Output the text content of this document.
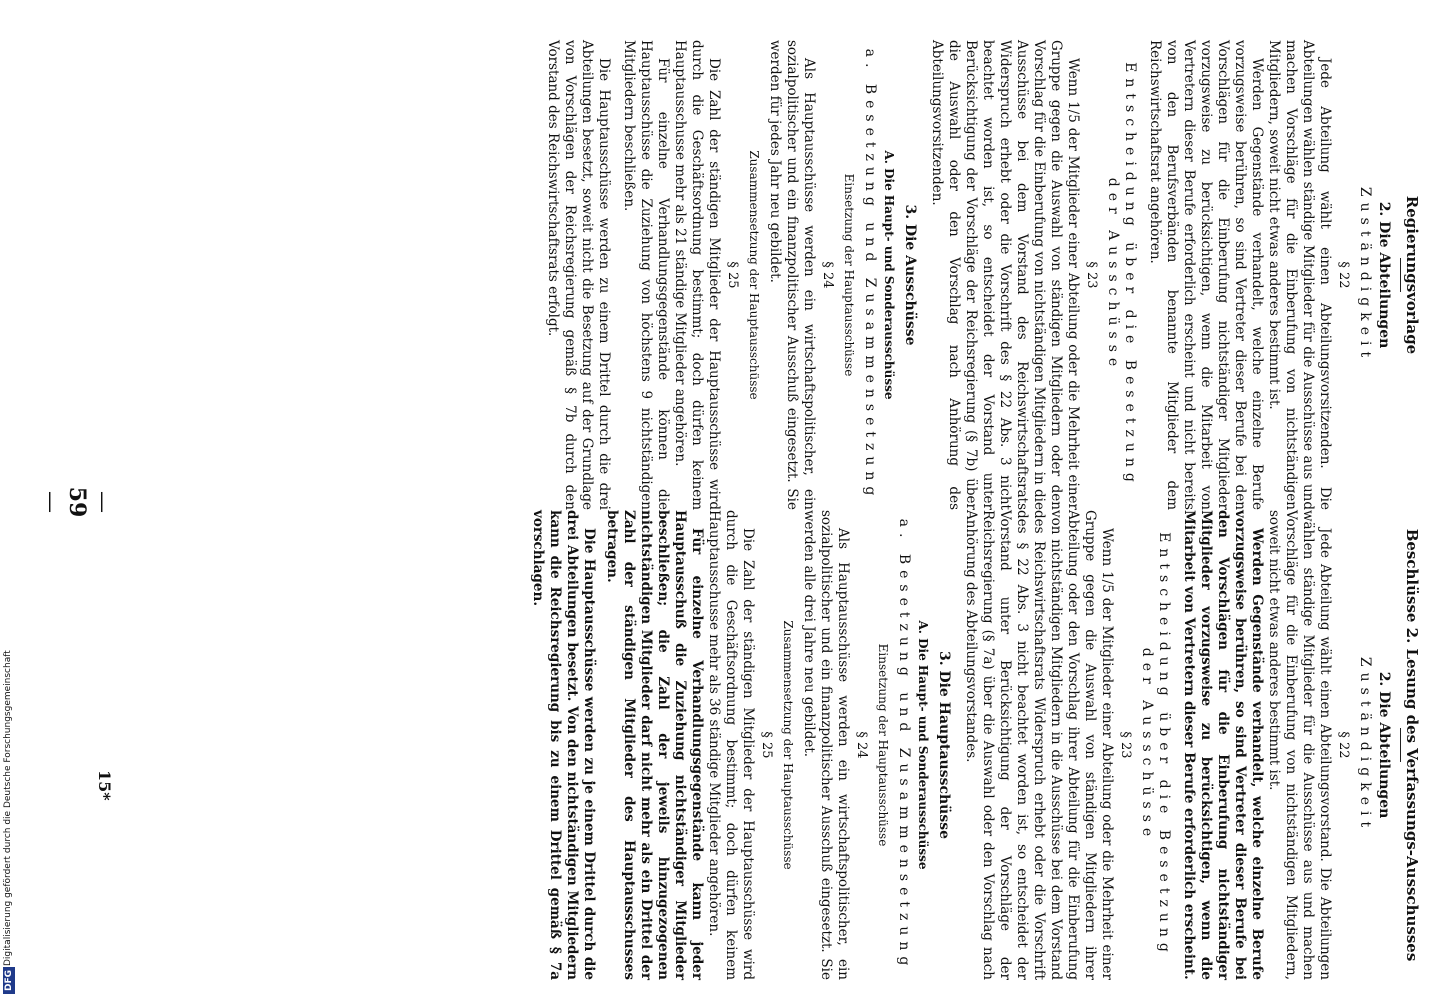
DFG
Digitalisierung gefördert durch die Deutsche Forschungsgemeinschaft
—59—
15*
Regierungsvorlage
2. Die Abteilungen
Zuständigkeit
§ 22

Jede Abteilung wählt einen Abteilungsvorsitzenden. Die Abteilungen wählen ständige Mitglieder für die Ausschüsse aus und machen Vorschläge für die Einberufung von nichtständigen Mitgliedern, soweit nicht etwas anderes bestimmt ist.

Werden Gegenstände verhandelt, welche einzelne Berufe vorzugsweise berühren, so sind Vertreter dieser Berufe bei den Vorschlägen für die Einberufung nichtständiger Mitglieder vorzugsweise zu berücksichtigen, wenn die Mitarbeit von Vertretern dieser Berufe erforderlich erscheint und nicht bereits von den Berufsverbänden benannte Mitglieder dem Reichswirtschaftsrat angehören.

Entscheidung über die Besetzung der Ausschüsse
§ 23

Wenn 1/5 der Mitglieder einer Abteilung oder die Mehrheit einer Gruppe gegen die Auswahl von ständigen Mitgliedern oder den Vorschlag für die Einberufung von nichtständigen Mitgliedern in die Ausschüsse bei dem Vorstand des Reichswirtschaftsrats Widerspruch erhebt oder die Vorschrift des § 22 Abs. 3 nicht beachtet worden ist, so entscheidet der Vorstand unter Berücksichtigung der Vorschläge der Reichsregierung (§ 7b) über die Auswahl oder den Vorschlag nach Anhörung des Abteilungsvorsitzenden.

3. Die Ausschüsse
A. Die Haupt- und Sonderausschüsse
a. Besetzung und Zusammensetzung
Einsetzung der Hauptausschüsse
§ 24

Als Hauptausschüsse werden ein wirtschaftspolitischer, ein sozialpolitischer und ein finanzpolitischer Ausschuß eingesetzt. Sie werden für jedes Jahr neu gebildet.

Zusammensetzung der Hauptausschüsse
§ 25

Die Zahl der ständigen Mitglieder der Hauptausschüsse wird durch die Geschäftsordnung bestimmt; doch dürfen keinem Hauptausschusse mehr als 21 ständige Mitglieder angehören.

Für einzelne Verhandlungsgegenstände können die Hauptausschüsse die Zuziehung von höchstens 9 nichtständigen Mitgliedern beschließen.

Die Hauptausschüsse werden zu einem Drittel durch die drei Abteilungen besetzt, soweit nicht die Besetzung auf der Grundlage von Vorschlägen der Reichsregierung gemäß § 7b durch den Vorstand des Reichswirtschaftsrats erfolgt.

Beschlüsse 2. Lesung des Verfassungs-Ausschusses
2. Die Abteilungen
Zuständigkeit
§ 22

Jede Abteilung wählt einen Abteilungsvorstand. Die Abteilungen wählen ständige Mitglieder für die Ausschüsse aus und machen Vorschläge für die Einberufung von nichtständigen Mitgliedern, soweit nicht etwas anderes bestimmt ist.

Werden Gegenstände verhandelt, welche einzelne Berufe vorzugsweise berühren, so sind Vertreter dieser Berufe bei den Vorschlägen für die Einberufung nichtständiger Mitglieder vorzugsweise zu berücksichtigen, wenn die Mitarbeit von Vertretern dieser Berufe erforderlich erscheint.

Entscheidung über die Besetzung der Ausschüsse
§ 23

Wenn 1/5 der Mitglieder einer Abteilung oder die Mehrheit einer Gruppe gegen die Auswahl von ständigen Mitgliedern ihrer Abteilung oder den Vorschlag ihrer Abteilung für die Einberufung von nichtständigen Mitgliedern in die Ausschüsse bei dem Vorstand des Reichswirtschaftsrats Widerspruch erhebt oder die Vorschrift des § 22 Abs. 3 nicht beachtet worden ist, so entscheidet der Vorstand unter Berücksichtigung der Vorschläge der Reichsregierung (§ 7a) über die Auswahl oder den Vorschlag nach Anhörung des Abteilungsvorstandes.

3. Die Hauptausschüsse
A. Die Haupt- und Sonderausschüsse
a. Besetzung und Zusammensetzung
Einsetzung der Hauptausschüsse
§ 24

Als Hauptausschüsse werden ein wirtschaftspolitischer, ein sozialpolitischer und ein finanzpolitischer Ausschuß eingesetzt. Sie werden alle drei Jahre neu gebildet.

Zusammensetzung der Hauptausschüsse
§ 25

Die Zahl der ständigen Mitglieder der Hauptausschüsse wird durch die Geschäftsordnung bestimmt; doch dürfen keinem Hauptausschusse mehr als 36 ständige Mitglieder angehören.

Für einzelne Verhandlungsgegenstände kann jeder Hauptausschuß die Zuziehung nichtständiger Mitglieder beschließen; die Zahl der jeweils hinzugezogenen nichtständigen Mitglieder darf nicht mehr als ein Drittel der Zahl der ständigen Mitglieder des Hauptausschusses betragen.

Die Hauptausschüsse werden zu je einem Drittel durch die drei Abteilungen besetzt. Von den nichtständigen Mitgliedern kann die Reichsregierung bis zu einem Drittel gemäß § 7a vorschlagen.
